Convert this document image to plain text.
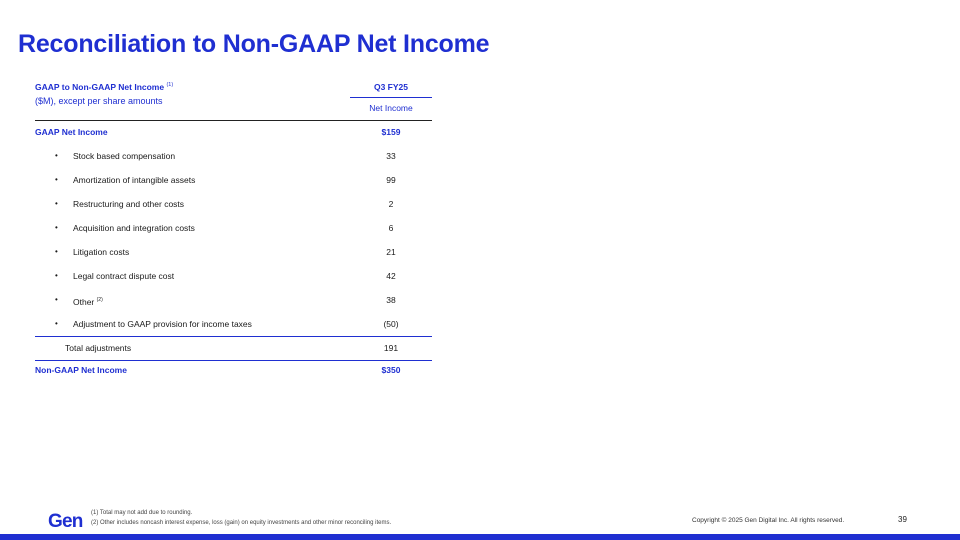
Reconciliation to Non-GAAP Net Income
GAAP to Non-GAAP Net Income $^{(1)}$
($M), except per share amounts
Q3 FY25
Net Income
GAAP Net Income	$159
• Stock based compensation	33
• Amortization of intangible assets	99
• Restructuring and other costs	2
• Acquisition and integration costs	6
• Litigation costs	21
• Legal contract dispute cost	42
• Other $^{(2)}$	38
• Adjustment to GAAP provision for income taxes	(50)
Total adjustments	191
Non-GAAP Net Income	$350
Gen (1) Total may not add due to rounding.
(2) Other includes noncash interest expense, loss (gain) on equity investments and other minor reconciling items.	Copyright © 2025 Gen Digital Inc. All rights reserved.	39
